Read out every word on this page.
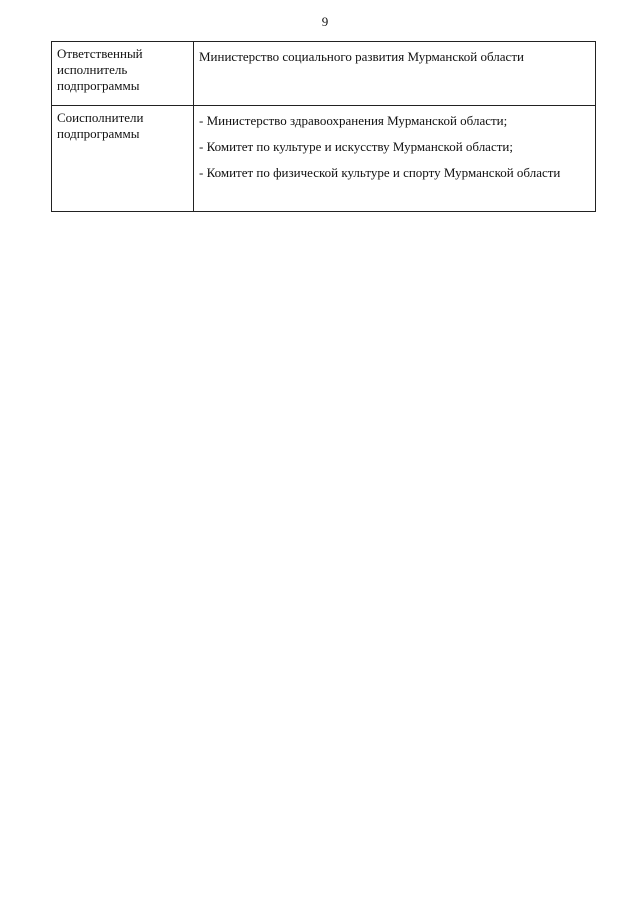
9
Ответственный исполнитель подпрограммы	Министерство социального развития Мурманской области

Соисполнители подпрограммы	- Министерство здравоохранения Мурманской области;
- Комитет по культуре и искусству Мурманской области;
- Комитет по физической культуре и спорту Мурманской области
